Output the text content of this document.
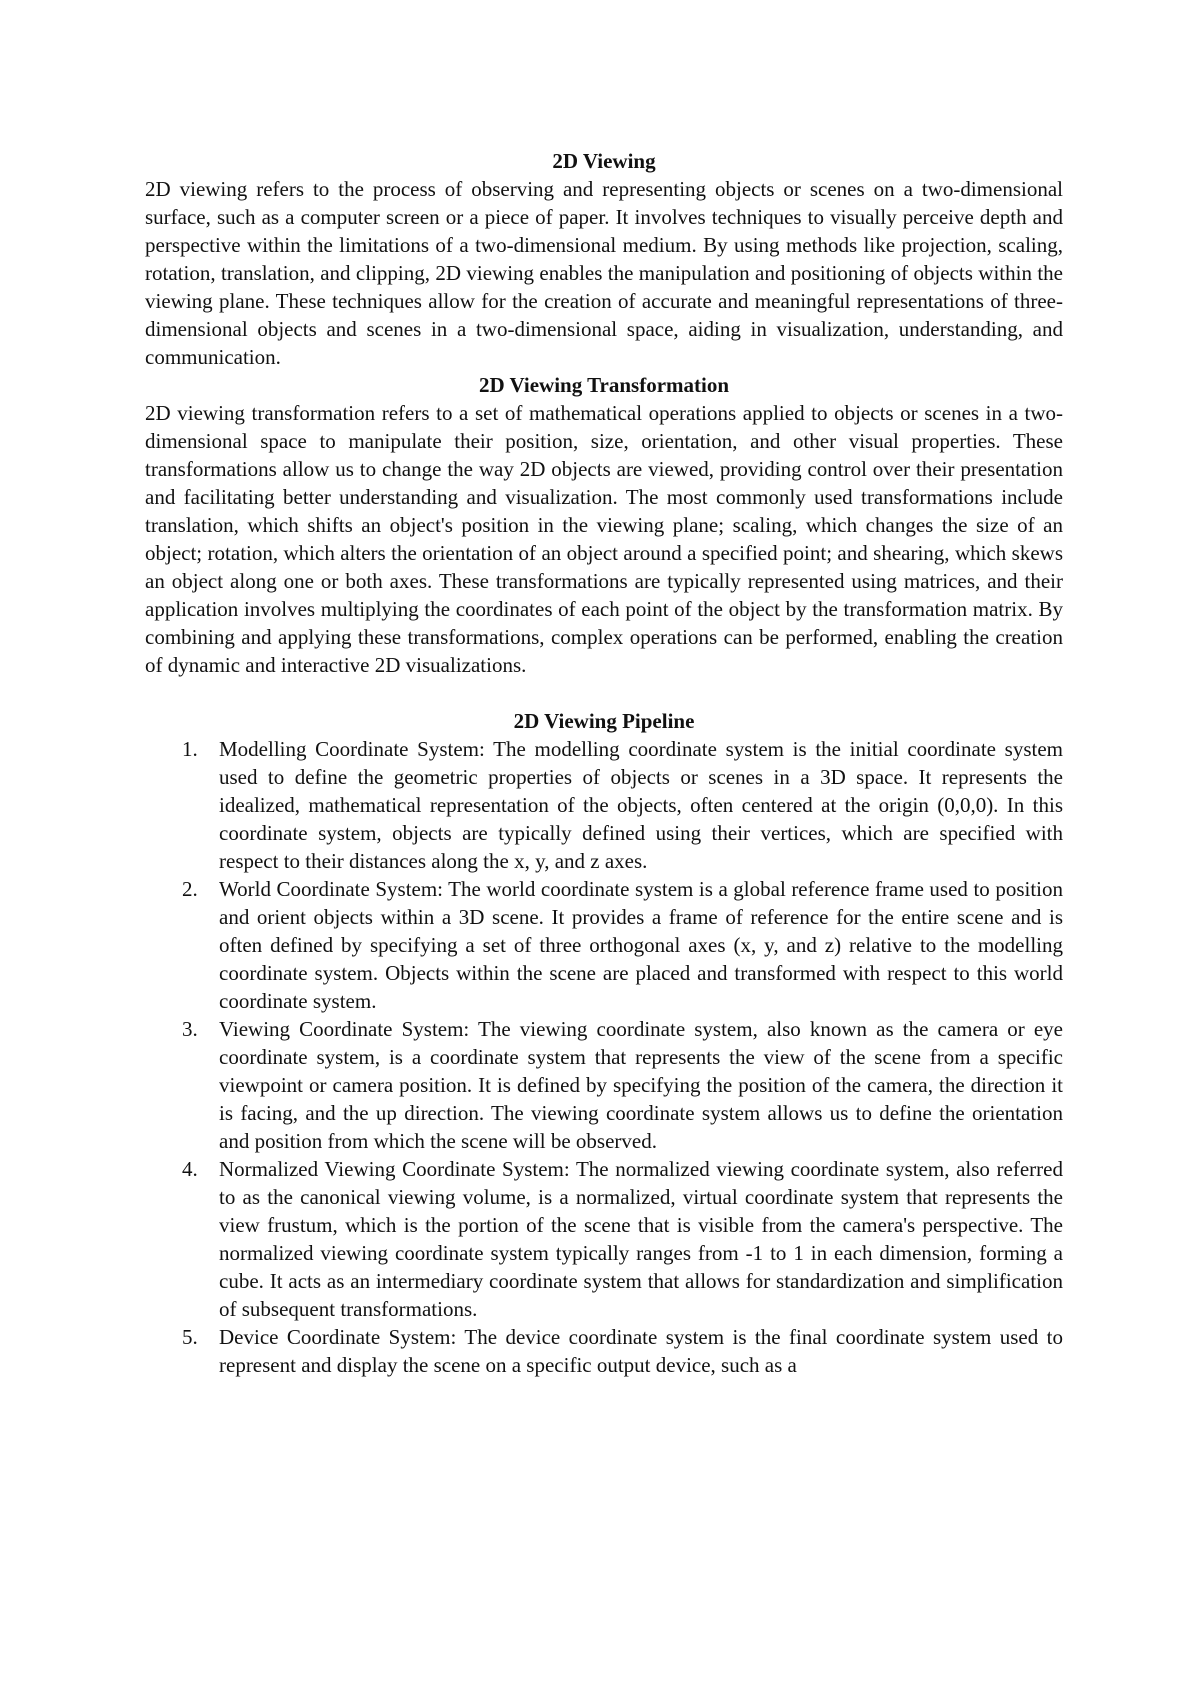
2D Viewing

2D viewing refers to the process of observing and representing objects or scenes on a two-dimensional surface, such as a computer screen or a piece of paper. It involves techniques to visually perceive depth and perspective within the limitations of a two-dimensional medium. By using methods like projection, scaling, rotation, translation, and clipping, 2D viewing enables the manipulation and positioning of objects within the viewing plane. These techniques allow for the creation of accurate and meaningful representations of three-dimensional objects and scenes in a two-dimensional space, aiding in visualization, understanding, and communication.

2D Viewing Transformation

2D viewing transformation refers to a set of mathematical operations applied to objects or scenes in a two-dimensional space to manipulate their position, size, orientation, and other visual properties. These transformations allow us to change the way 2D objects are viewed, providing control over their presentation and facilitating better understanding and visualization. The most commonly used transformations include translation, which shifts an object's position in the viewing plane; scaling, which changes the size of an object; rotation, which alters the orientation of an object around a specified point; and shearing, which skews an object along one or both axes. These transformations are typically represented using matrices, and their application involves multiplying the coordinates of each point of the object by the transformation matrix. By combining and applying these transformations, complex operations can be performed, enabling the creation of dynamic and interactive 2D visualizations.

2D Viewing Pipeline
1. Modelling Coordinate System: The modelling coordinate system is the initial coordinate system used to define the geometric properties of objects or scenes in a 3D space. It represents the idealized, mathematical representation of the objects, often centered at the origin (0,0,0). In this coordinate system, objects are typically defined using their vertices, which are specified with respect to their distances along the x, y, and z axes.
2. World Coordinate System: The world coordinate system is a global reference frame used to position and orient objects within a 3D scene. It provides a frame of reference for the entire scene and is often defined by specifying a set of three orthogonal axes (x, y, and z) relative to the modelling coordinate system. Objects within the scene are placed and transformed with respect to this world coordinate system.
3. Viewing Coordinate System: The viewing coordinate system, also known as the camera or eye coordinate system, is a coordinate system that represents the view of the scene from a specific viewpoint or camera position. It is defined by specifying the position of the camera, the direction it is facing, and the up direction. The viewing coordinate system allows us to define the orientation and position from which the scene will be observed.
4. Normalized Viewing Coordinate System: The normalized viewing coordinate system, also referred to as the canonical viewing volume, is a normalized, virtual coordinate system that represents the view frustum, which is the portion of the scene that is visible from the camera's perspective. The normalized viewing coordinate system typically ranges from -1 to 1 in each dimension, forming a cube. It acts as an intermediary coordinate system that allows for standardization and simplification of subsequent transformations.
5. Device Coordinate System: The device coordinate system is the final coordinate system used to represent and display the scene on a specific output device, such as a
